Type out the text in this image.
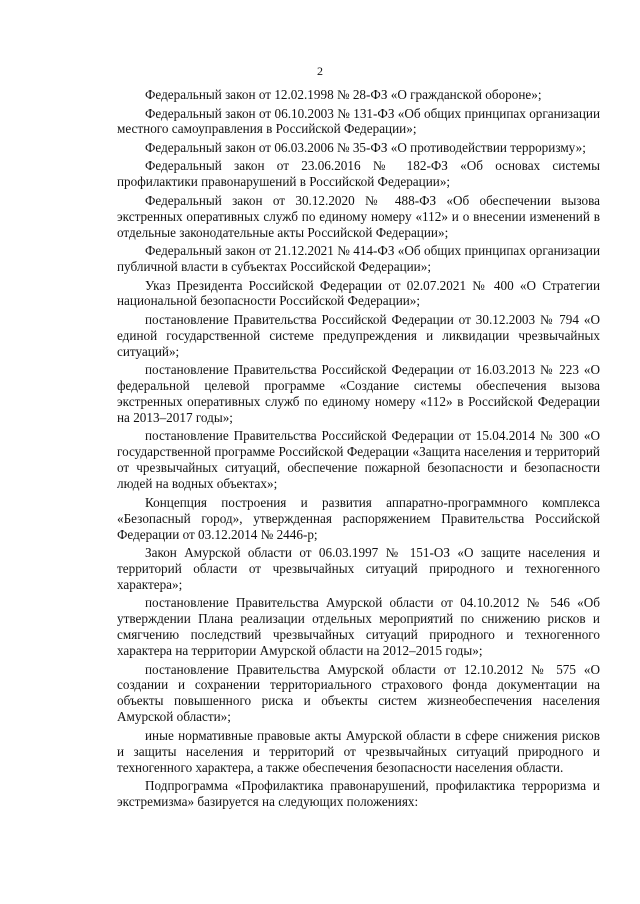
2

Федеральный закон от 12.02.1998 № 28-ФЗ «О гражданской обороне»;

Федеральный закон от 06.10.2003 № 131-ФЗ «Об общих принципах организации местного самоуправления в Российской Федерации»;

Федеральный закон от 06.03.2006 № 35-ФЗ «О противодействии терроризму»;

Федеральный закон от 23.06.2016 № 182-ФЗ «Об основах системы профилактики правонарушений в Российской Федерации»;

Федеральный закон от 30.12.2020 № 488-ФЗ «Об обеспечении вызова экстренных оперативных служб по единому номеру «112» и о внесении изменений в отдельные законодательные акты Российской Федерации»;

Федеральный закон от 21.12.2021 № 414-ФЗ «Об общих принципах организации публичной власти в субъектах Российской Федерации»;

Указ Президента Российской Федерации от 02.07.2021 № 400 «О Стратегии национальной безопасности Российской Федерации»;

постановление Правительства Российской Федерации от 30.12.2003 № 794 «О единой государственной системе предупреждения и ликвидации чрезвычайных ситуаций»;

постановление Правительства Российской Федерации от 16.03.2013 № 223 «О федеральной целевой программе «Создание системы обеспечения вызова экстренных оперативных служб по единому номеру «112» в Российской Федерации на 2013–2017 годы»;

постановление Правительства Российской Федерации от 15.04.2014 № 300 «О государственной программе Российской Федерации «Защита населения и территорий от чрезвычайных ситуаций, обеспечение пожарной безопасности и безопасности людей на водных объектах»;

Концепция построения и развития аппаратно-программного комплекса «Безопасный город», утвержденная распоряжением Правительства Российской Федерации от 03.12.2014 № 2446-р;

Закон Амурской области от 06.03.1997 № 151-ОЗ «О защите населения и территорий области от чрезвычайных ситуаций природного и техногенного характера»;

постановление Правительства Амурской области от 04.10.2012 № 546 «Об утверждении Плана реализации отдельных мероприятий по снижению рисков и смягчению последствий чрезвычайных ситуаций природного и техногенного характера на территории Амурской области на 2012–2015 годы»;

постановление Правительства Амурской области от 12.10.2012 № 575 «О создании и сохранении территориального страхового фонда документации на объекты повышенного риска и объекты систем жизнеобеспечения населения Амурской области»;

иные нормативные правовые акты Амурской области в сфере снижения рисков и защиты населения и территорий от чрезвычайных ситуаций природного и техногенного характера, а также обеспечения безопасности населения области.

Подпрограмма «Профилактика правонарушений, профилактика терроризма и экстремизма» базируется на следующих положениях:
